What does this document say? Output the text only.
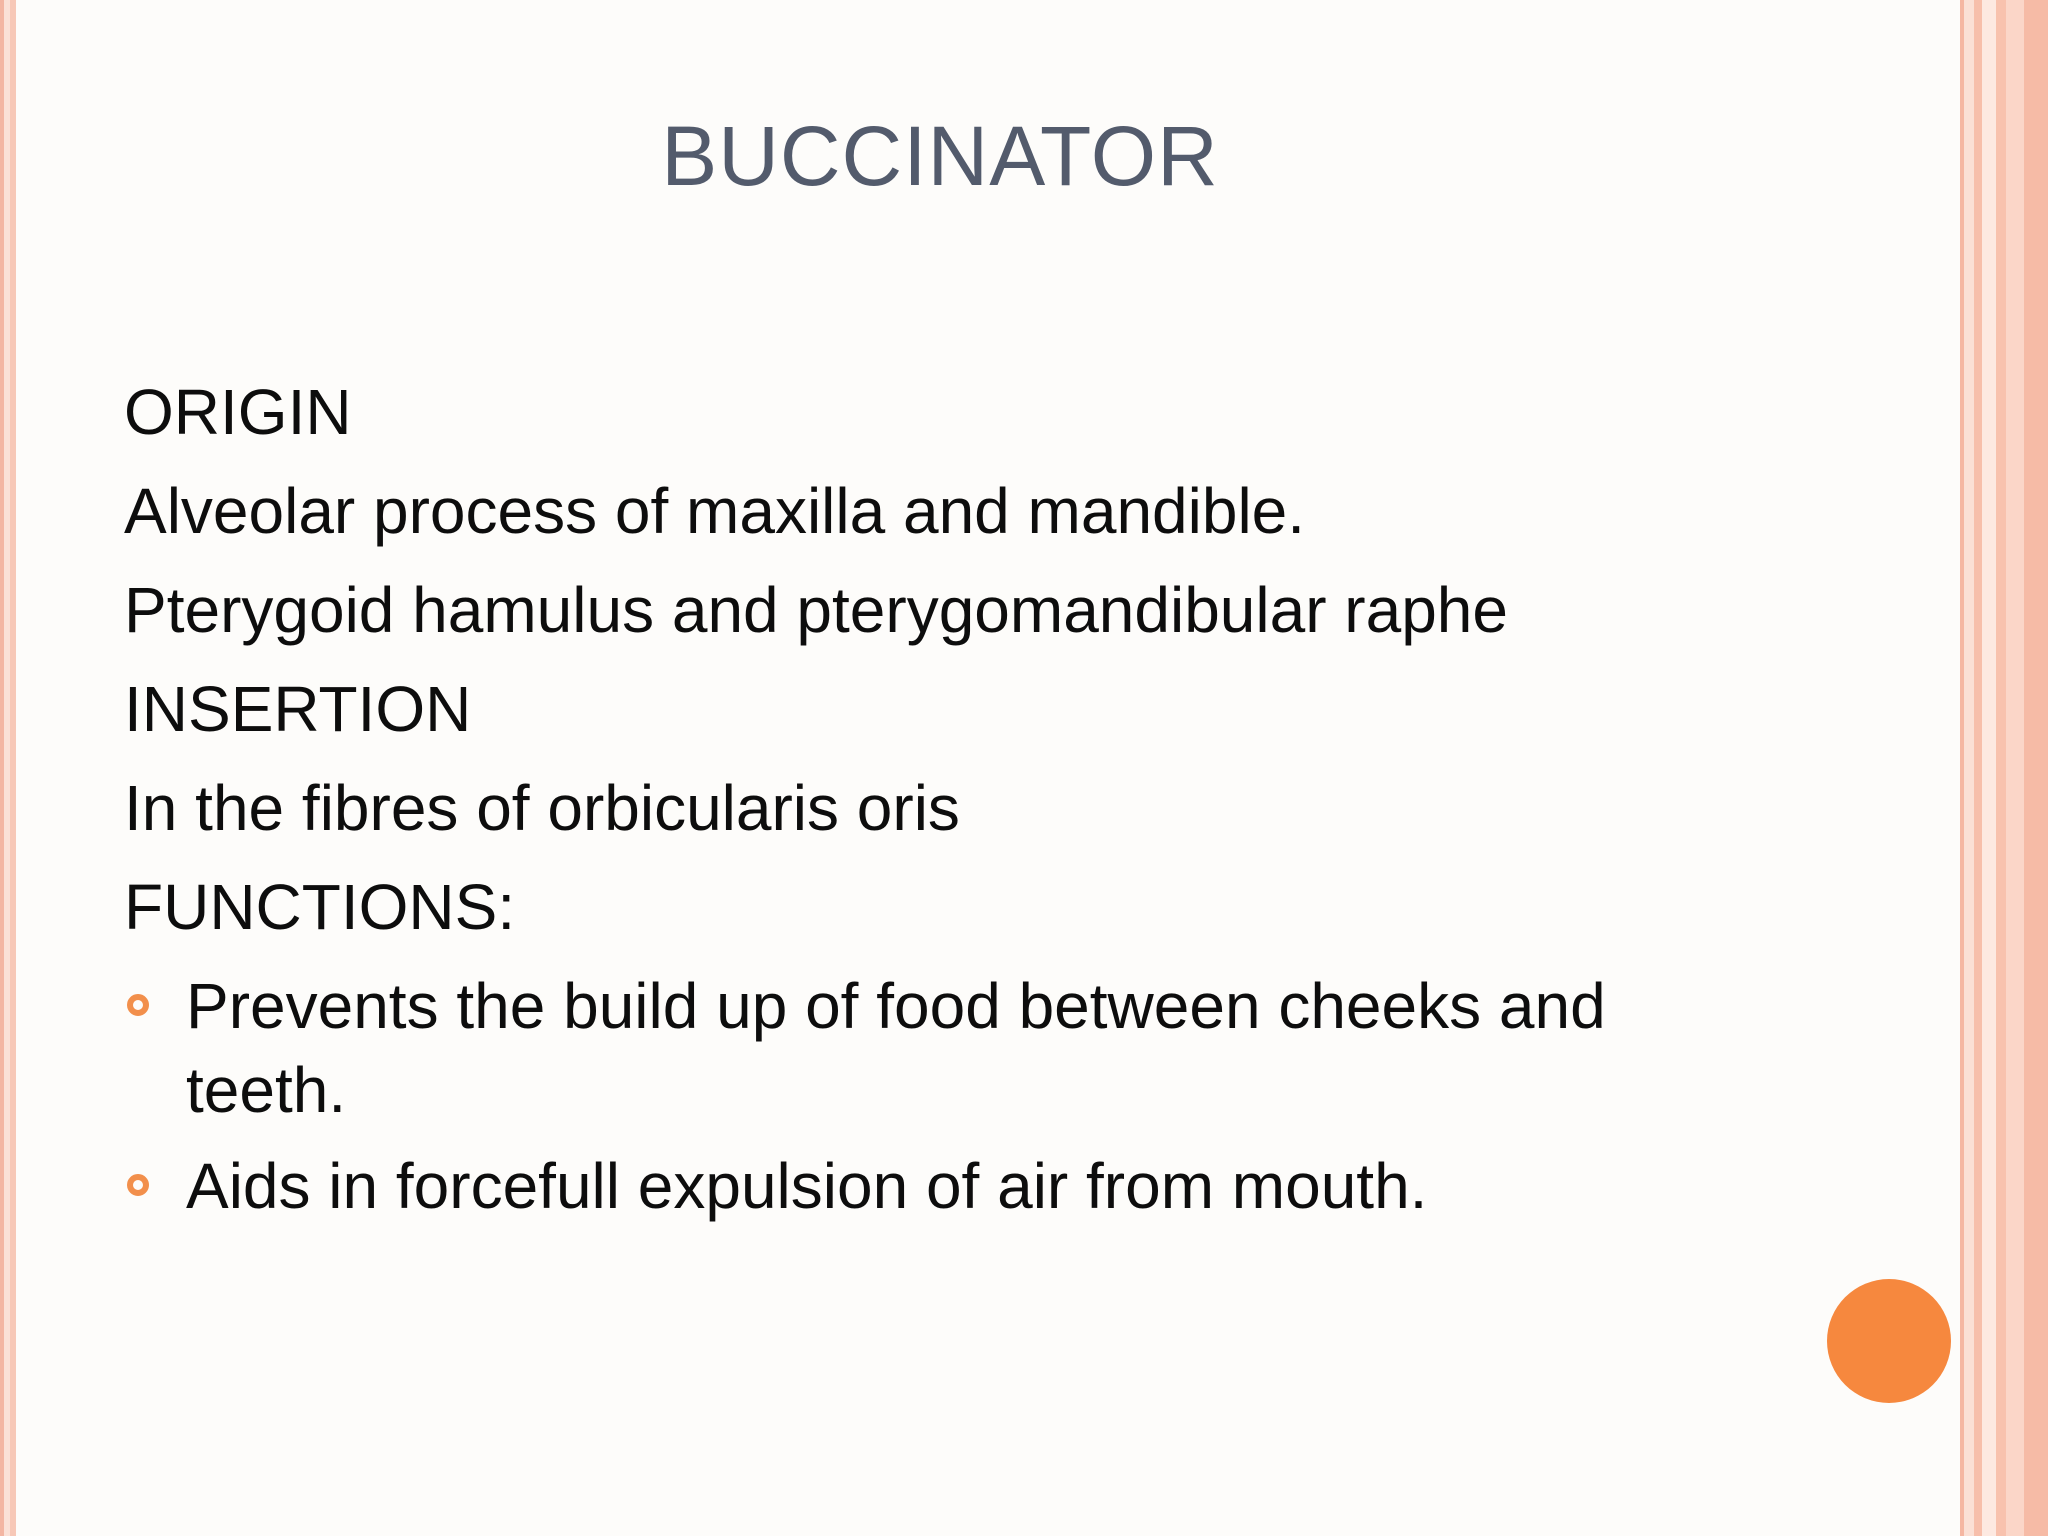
BUCCINATOR
ORIGIN
Alveolar process of maxilla and mandible.
Pterygoid hamulus and pterygomandibular raphe
INSERTION
In the fibres of orbicularis oris
FUNCTIONS:
Prevents the build up of food between cheeks and teeth.
Aids in forcefull expulsion of air from mouth.
